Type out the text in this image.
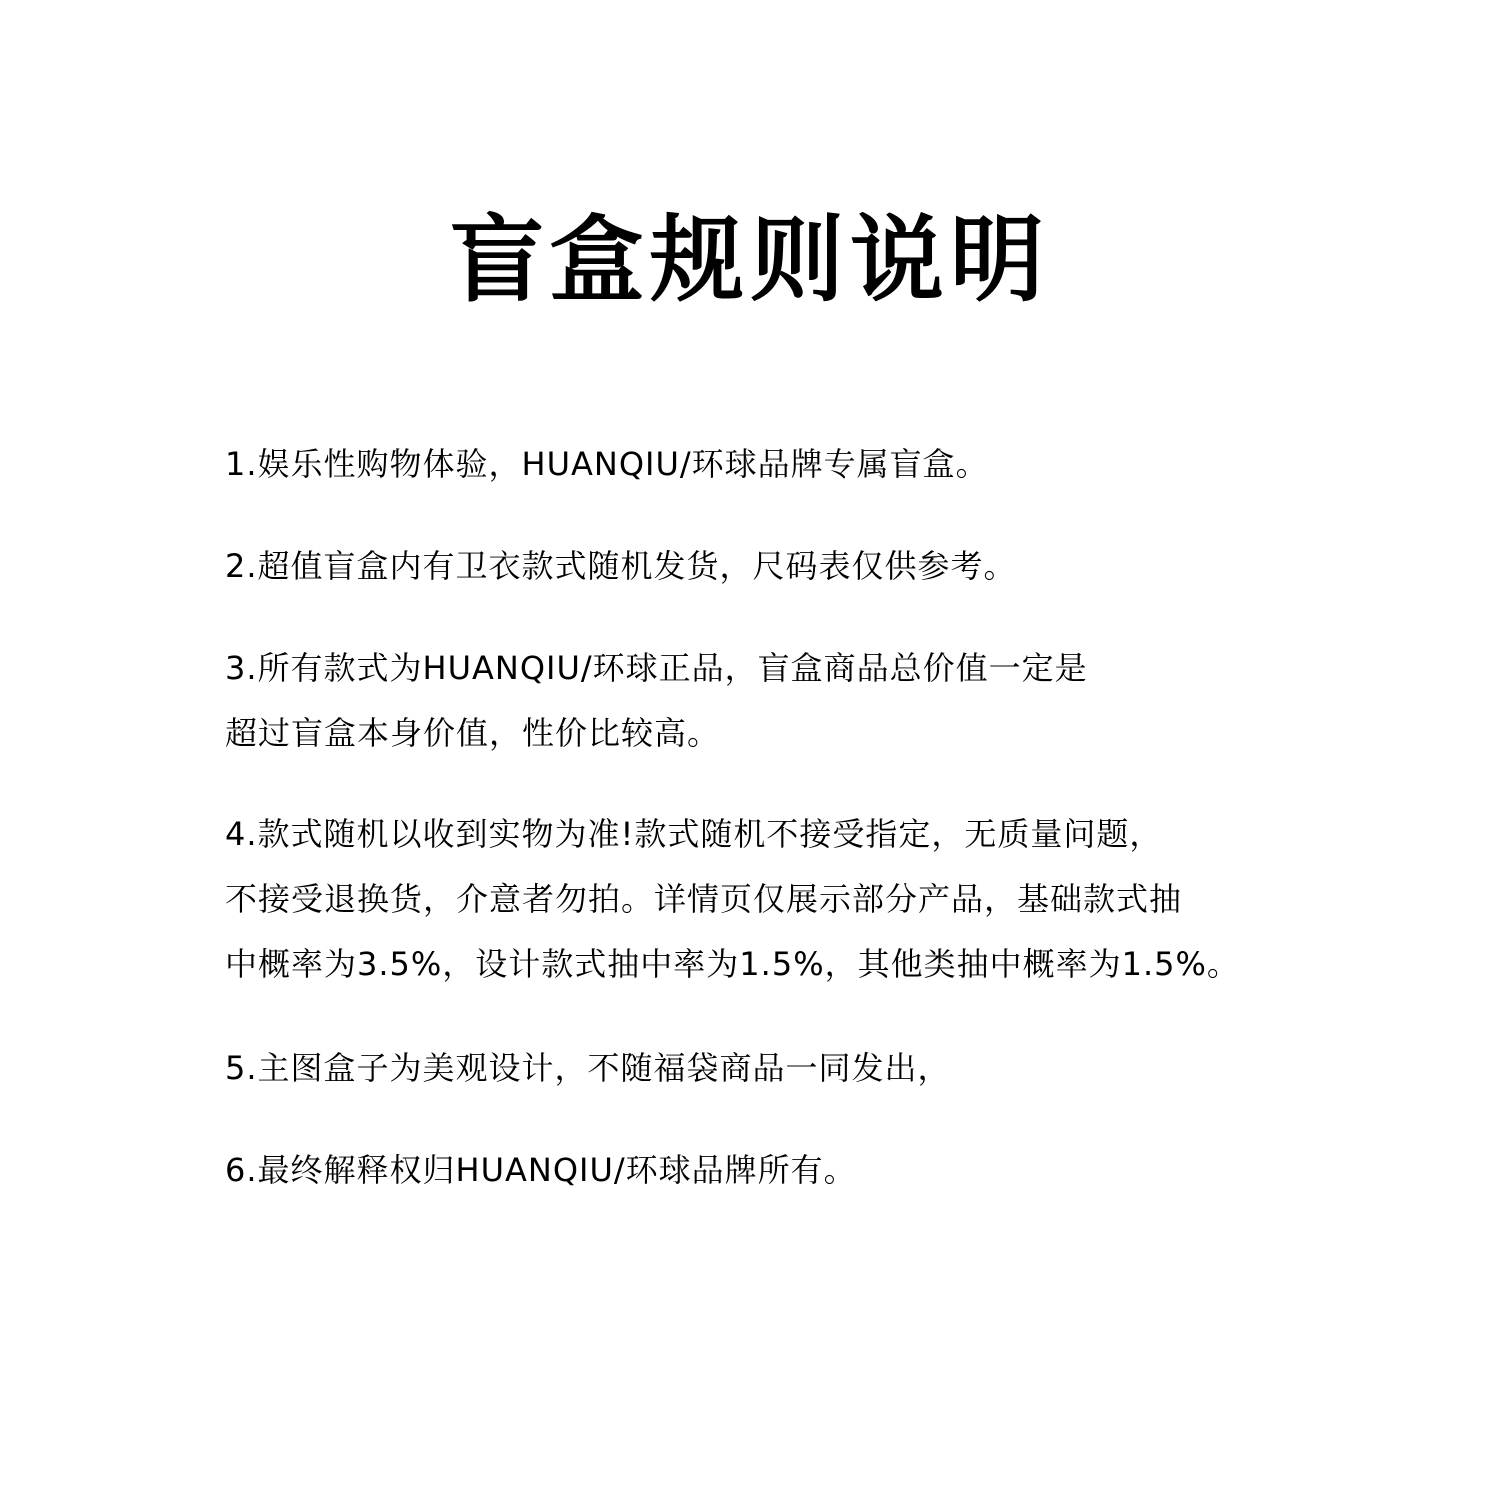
盲盒规则说明
1.娱乐性购物体验，HUANQIU/环球品牌专属盲盒。
2.超值盲盒内有卫衣款式随机发货，尺码表仅供参考。
3.所有款式为HUANQIU/环球正品，盲盒商品总价值一定是
超过盲盒本身价值，性价比较高。
4.款式随机以收到实物为准!款式随机不接受指定，无质量问题，
不接受退换货，介意者勿拍。详情页仅展示部分产品，基础款式抽
中概率为3.5%，设计款式抽中率为1.5%，其他类抽中概率为1.5%。
5.主图盒子为美观设计，不随福袋商品一同发出，
6.最终解释权归HUANQIU/环球品牌所有。
